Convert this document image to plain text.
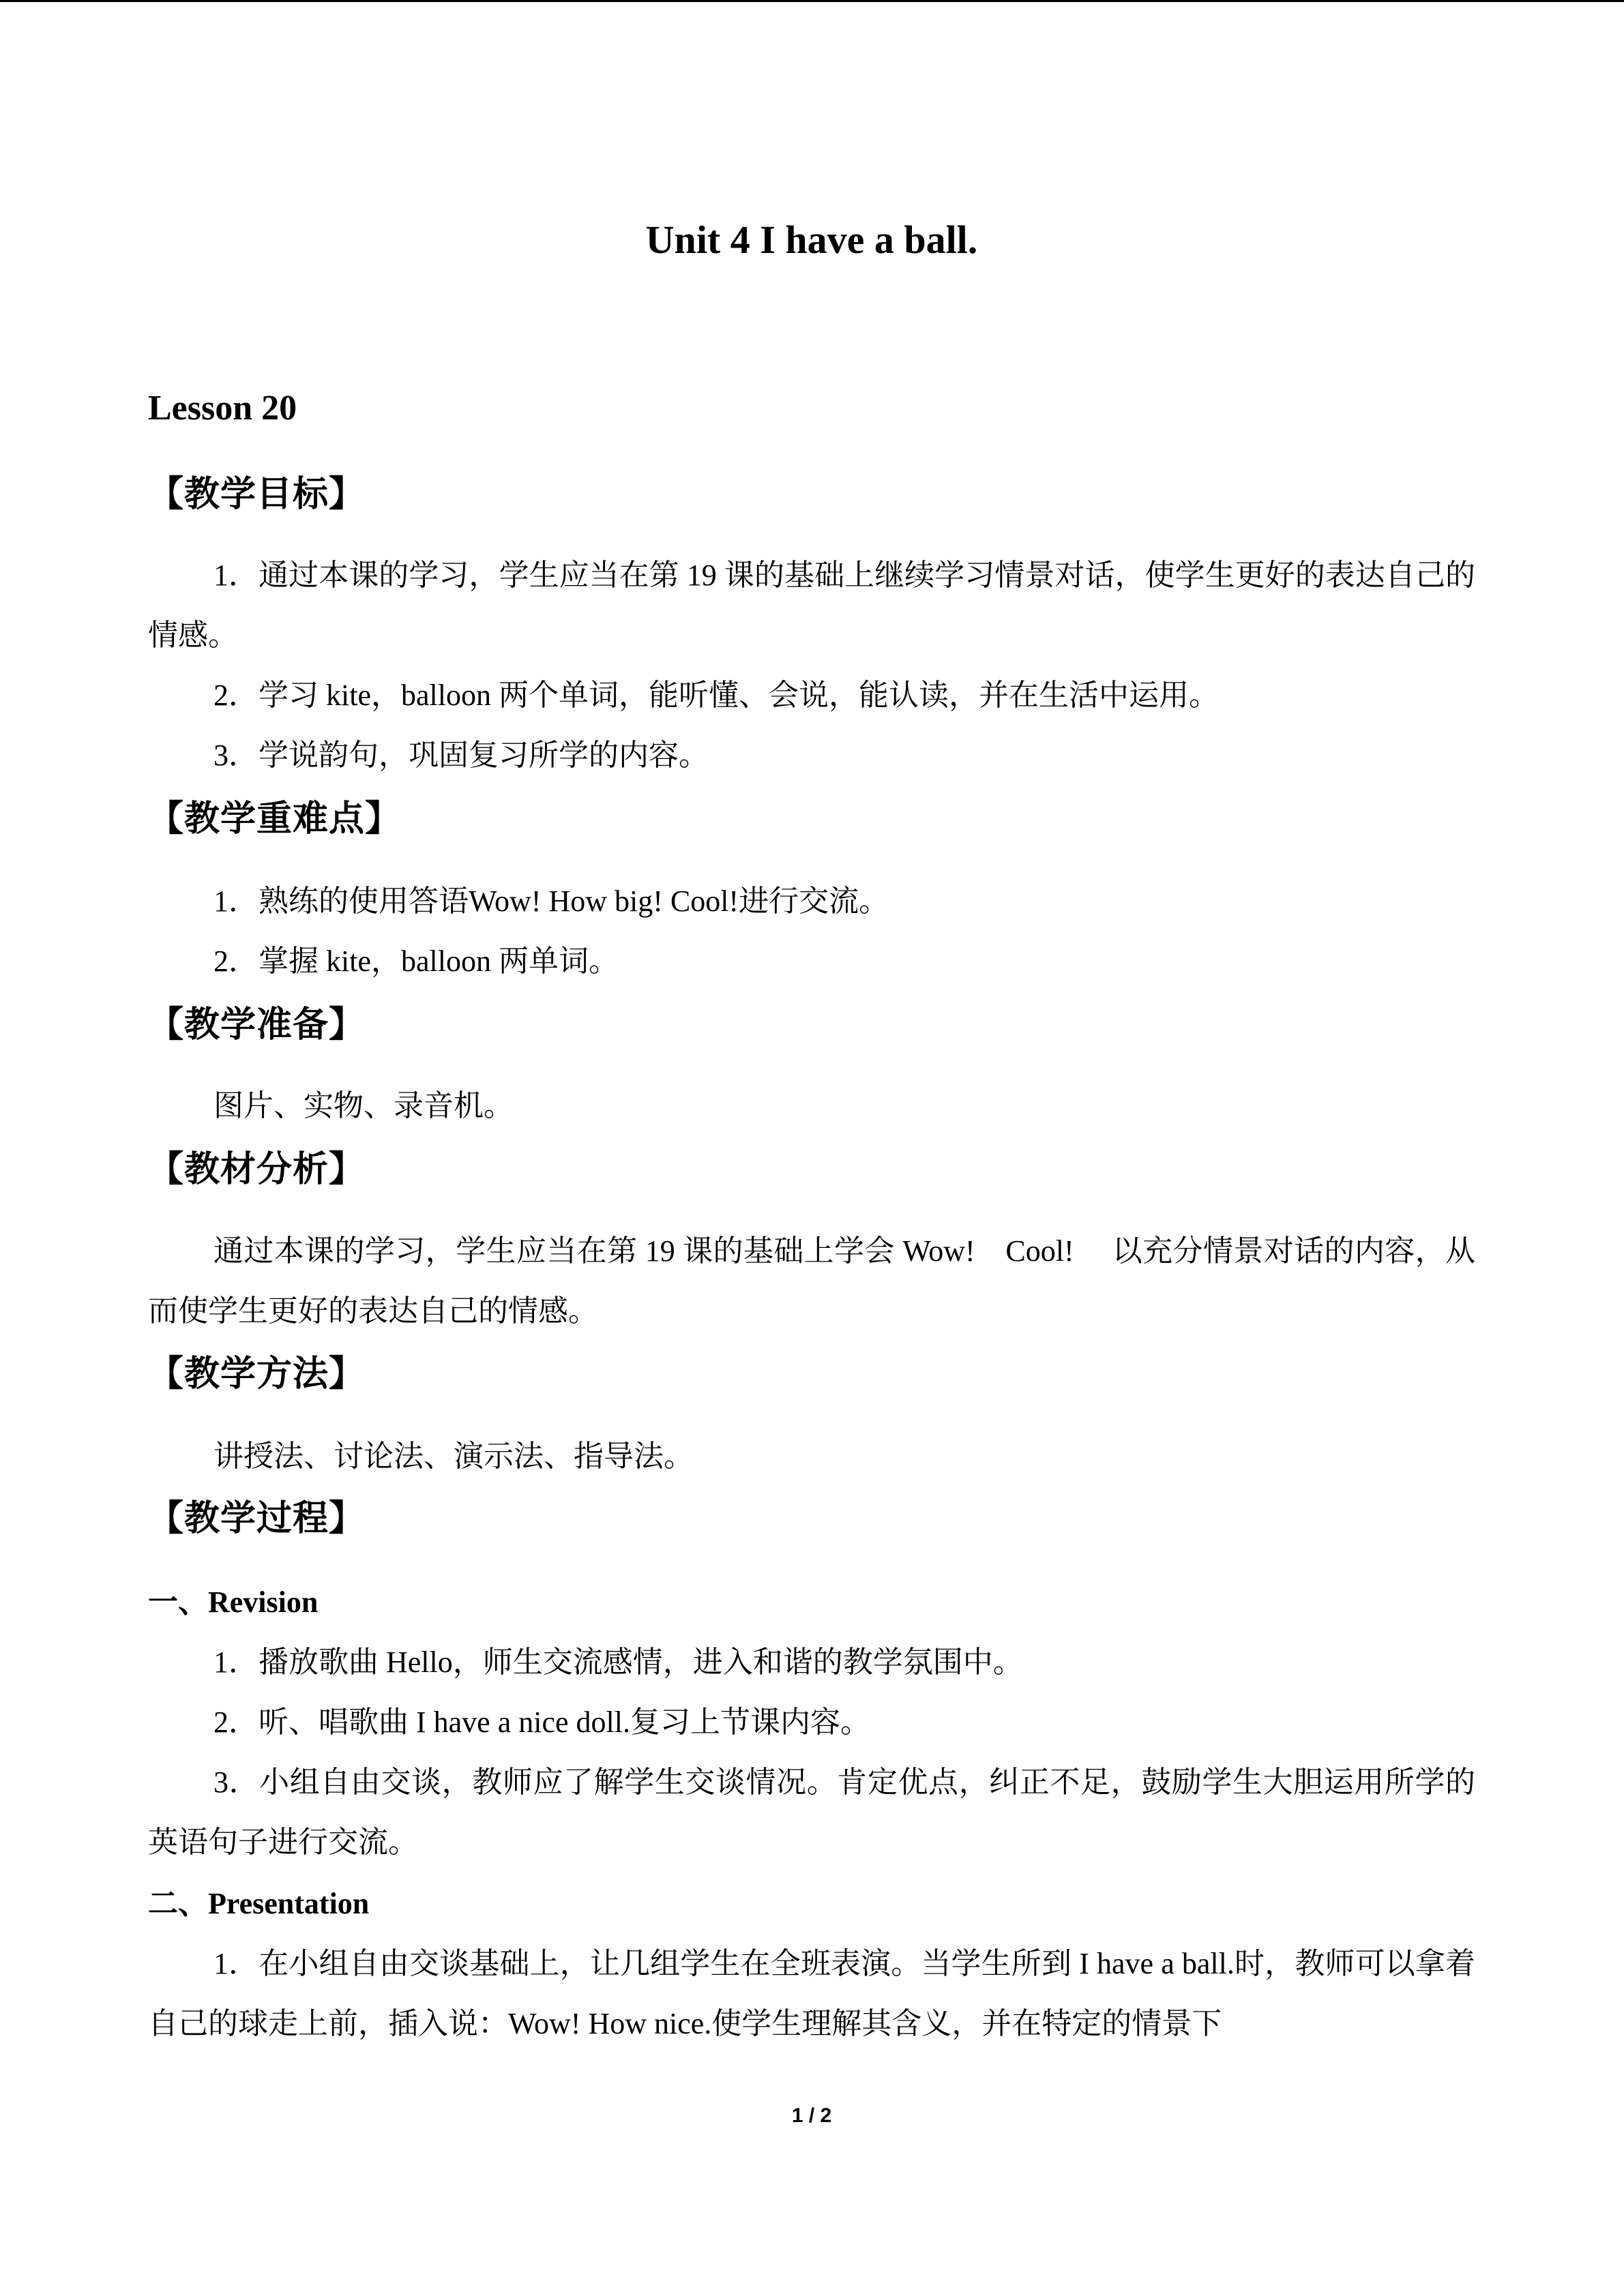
Unit 4 I have a ball.
Lesson 20
【教学目标】

1．通过本课的学习，学生应当在第 19 课的基础上继续学习情景对话，使学生更好的表达自己的情感。

2．学习 kite，balloon 两个单词，能听懂、会说，能认读，并在生活中运用。

3．学说韵句，巩固复习所学的内容。

【教学重难点】

1．熟练的使用答语Wow! How big! Cool!进行交流。

2．掌握 kite，balloon 两单词。

【教学准备】

图片、实物、录音机。

【教材分析】

通过本课的学习，学生应当在第 19 课的基础上学会 Wow!　Cool!　 以充分情景对话的内容，从而使学生更好的表达自己的情感。

【教学方法】

讲授法、讨论法、演示法、指导法。

【教学过程】
一、Revision

1．播放歌曲 Hello，师生交流感情，进入和谐的教学氛围中。

2．听、唱歌曲 I have a nice doll.复习上节课内容。

3．小组自由交谈，教师应了解学生交谈情况。肯定优点，纠正不足，鼓励学生大胆运用所学的英语句子进行交流。

二、Presentation

1．在小组自由交谈基础上，让几组学生在全班表演。当学生所到 I have a ball.时，教师可以拿着自己的球走上前，插入说：Wow! How nice.使学生理解其含义，并在特定的情景下

1 / 2
